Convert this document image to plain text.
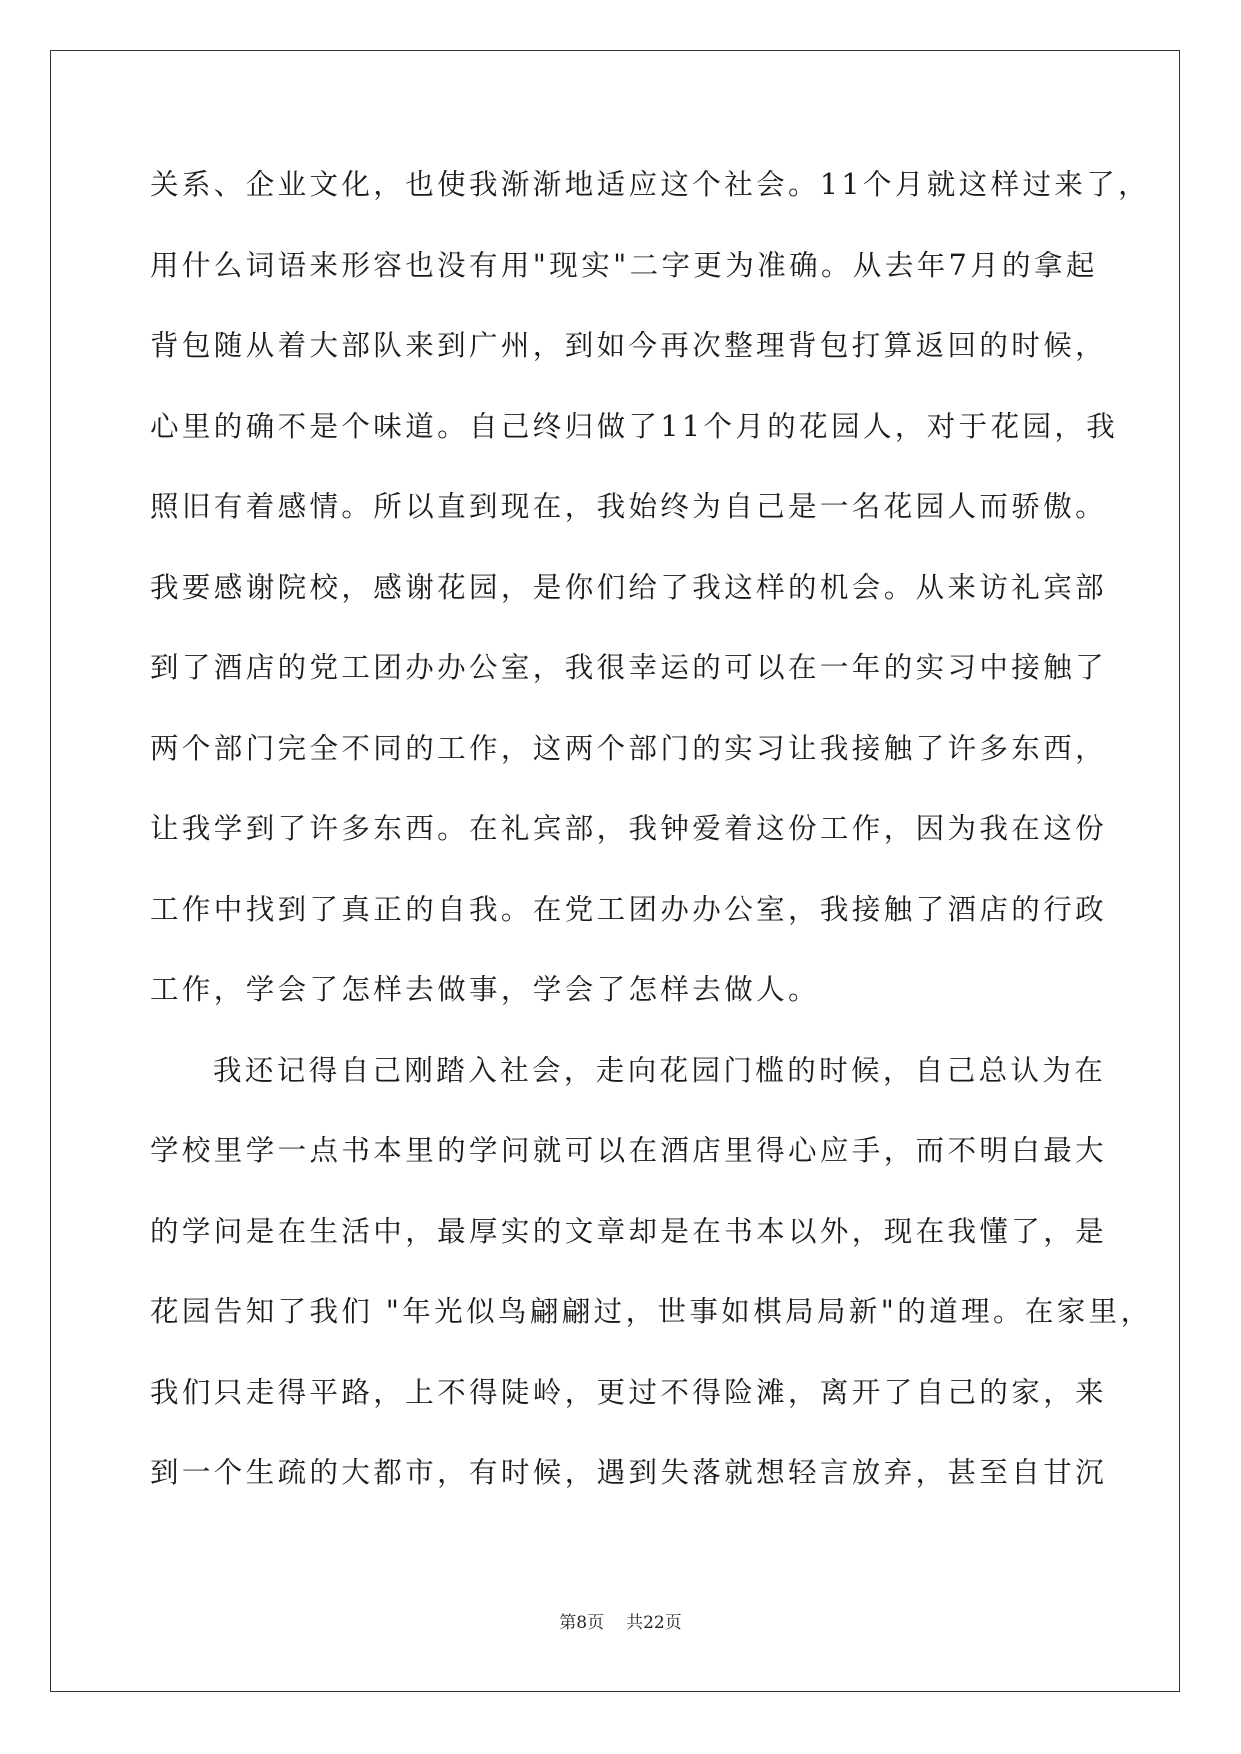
关系、企业文化，也使我渐渐地适应这个社会。11个月就这样过来了，
用什么词语来形容也没有用"现实"二字更为准确。从去年7月的拿起
背包随从着大部队来到广州，到如今再次整理背包打算返回的时候，
心里的确不是个味道。自己终归做了11个月的花园人，对于花园，我
照旧有着感情。所以直到现在，我始终为自己是一名花园人而骄傲。
我要感谢院校，感谢花园，是你们给了我这样的机会。从来访礼宾部
到了酒店的党工团办办公室，我很幸运的可以在一年的实习中接触了
两个部门完全不同的工作，这两个部门的实习让我接触了许多东西，
让我学到了许多东西。在礼宾部，我钟爱着这份工作，因为我在这份
工作中找到了真正的自我。在党工团办办公室，我接触了酒店的行政
工作，学会了怎样去做事，学会了怎样去做人。
我还记得自己刚踏入社会，走向花园门槛的时候，自己总认为在
学校里学一点书本里的学问就可以在酒店里得心应手，而不明白最大
的学问是在生活中，最厚实的文章却是在书本以外，现在我懂了，是
花园告知了我们 "年光似鸟翩翩过，世事如棋局局新"的道理。在家里，
我们只走得平路，上不得陡岭，更过不得险滩，离开了自己的家，来
到一个生疏的大都市，有时候，遇到失落就想轻言放弃，甚至自甘沉
第8页 共22页
